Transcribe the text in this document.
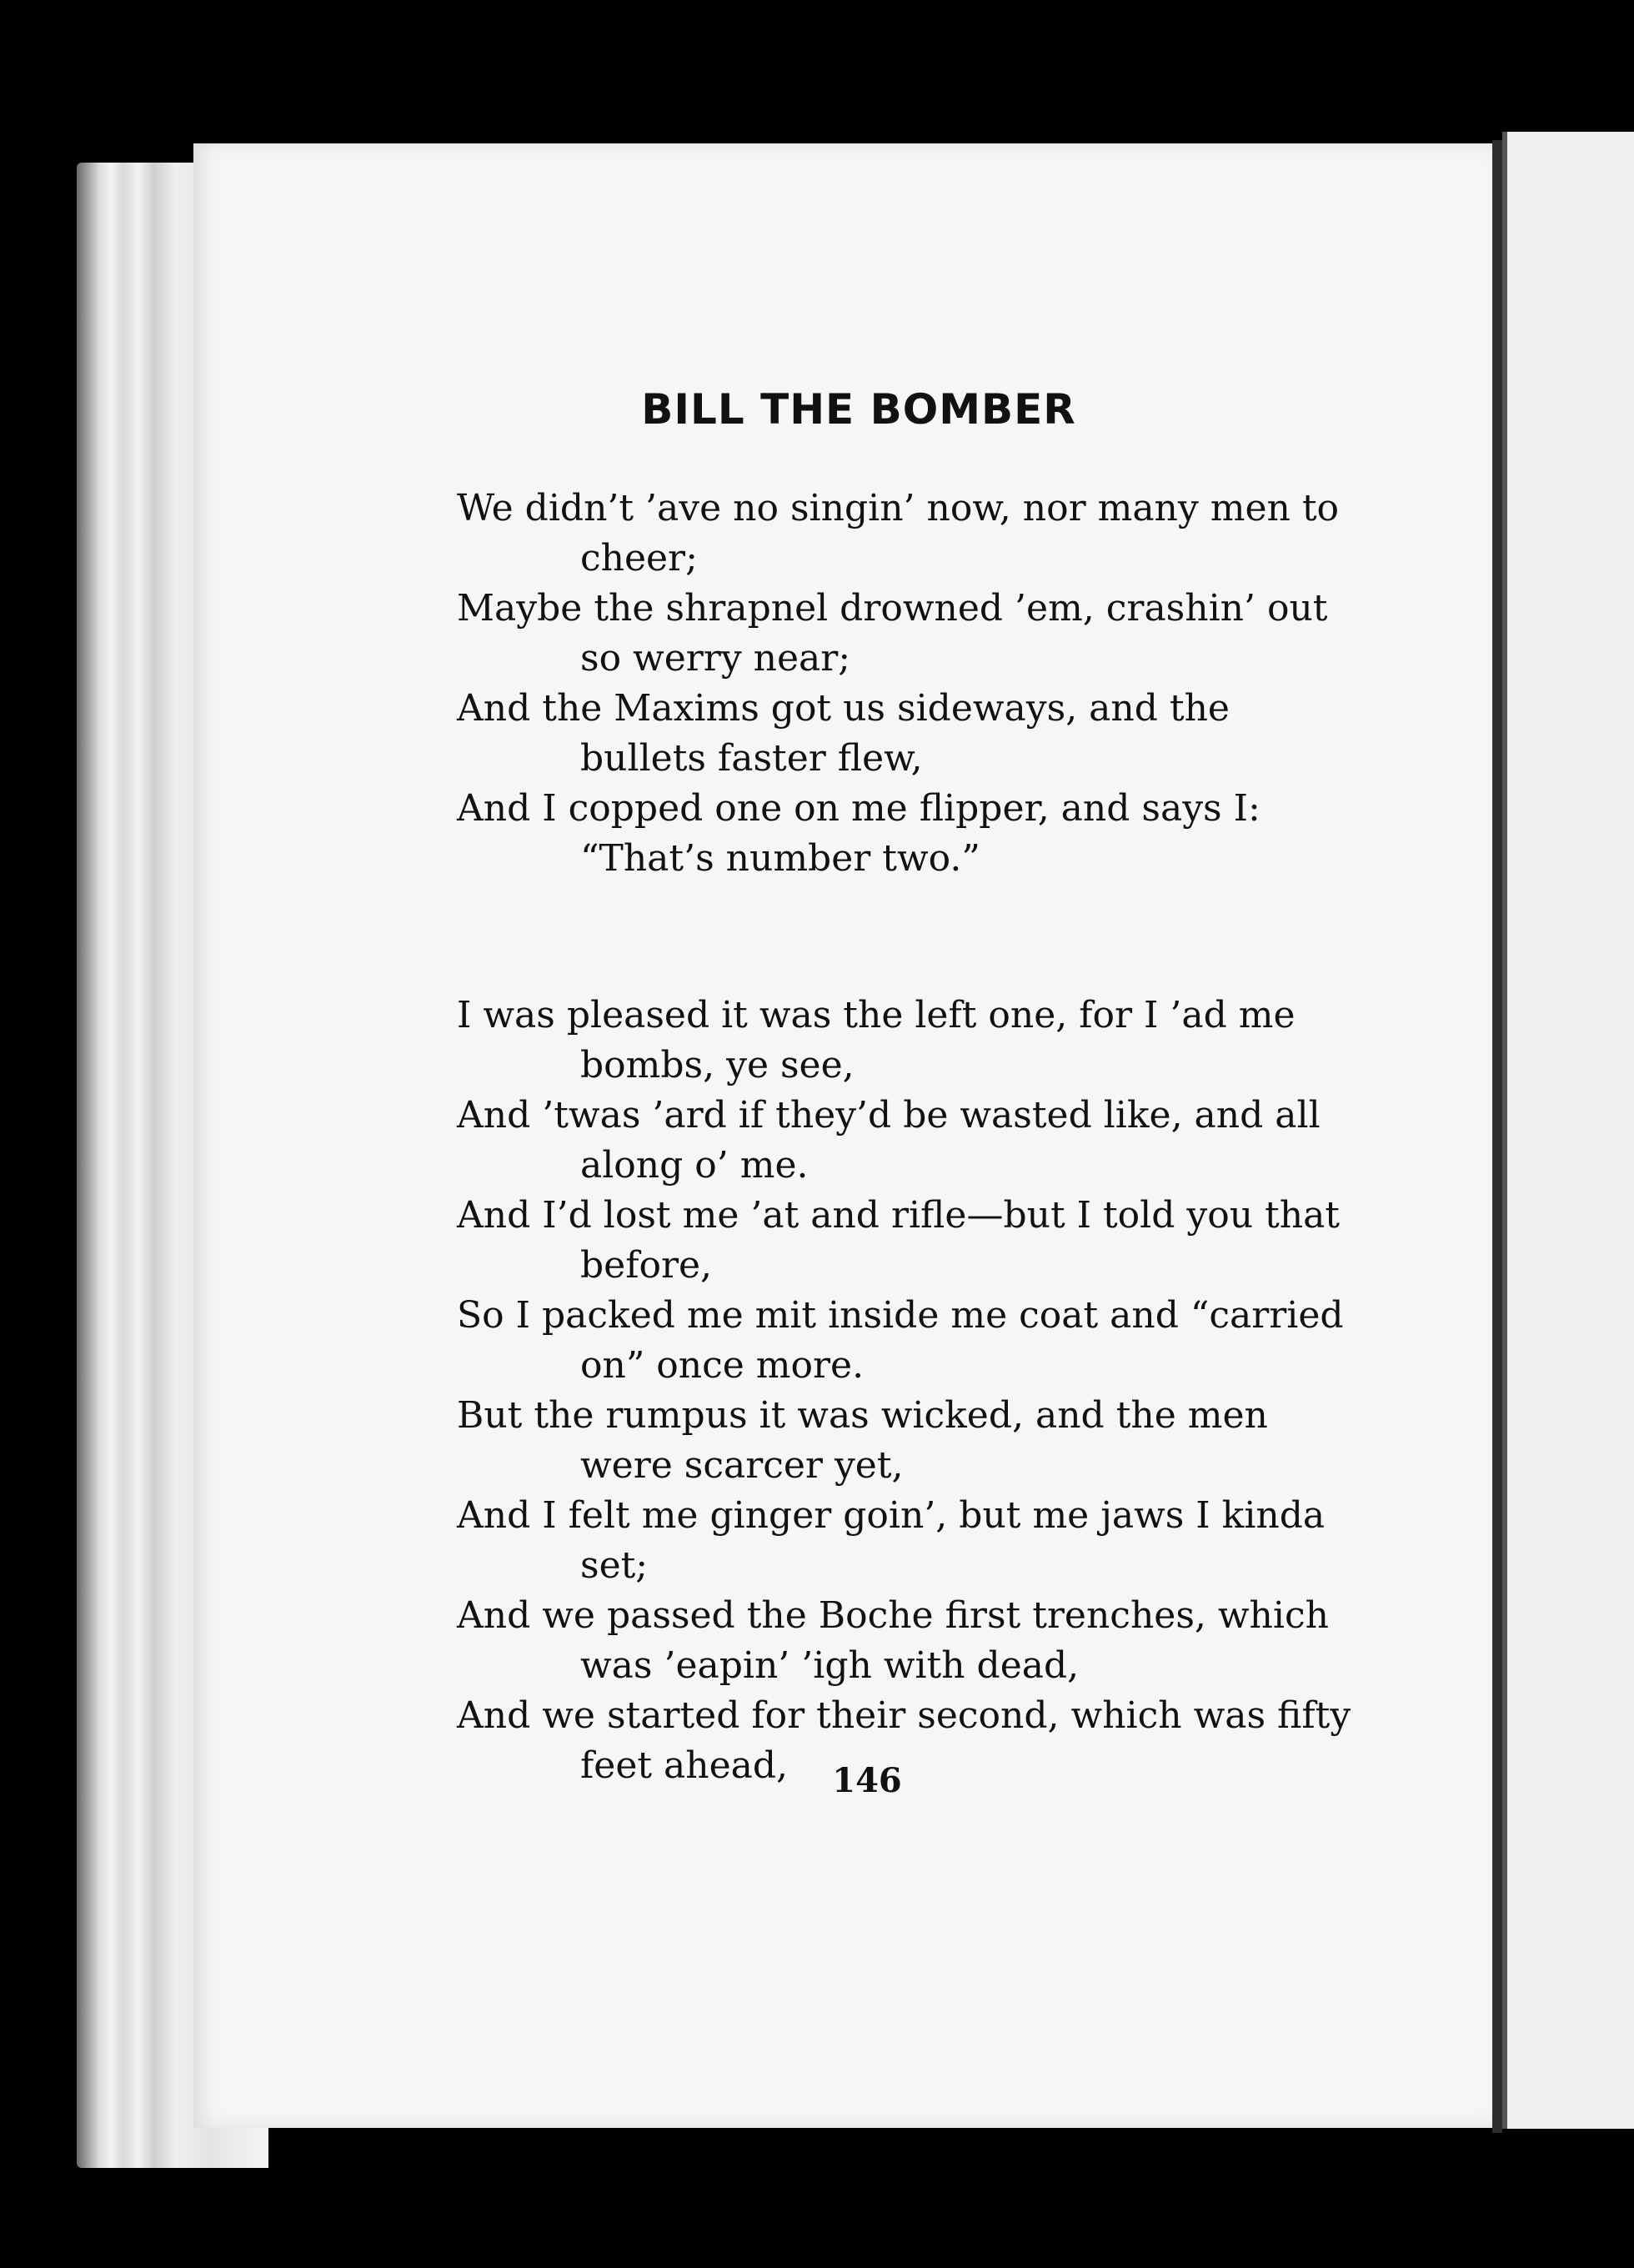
BILL THE BOMBER
We didn’t ’ave no singin’ now, nor many men to cheer;
Maybe the shrapnel drowned ’em, crashin’ out so werry near;
And the Maxims got us sideways, and the bullets faster flew,
And I copped one on me flipper, and says I: “That’s number two.”
I was pleased it was the left one, for I ’ad me bombs, ye see,
And ’twas ’ard if they’d be wasted like, and all along o’ me.
And I’d lost me ’at and rifle—but I told you that before,
So I packed me mit inside me coat and “carried on” once more.
But the rumpus it was wicked, and the men were scarcer yet,
And I felt me ginger goin’, but me jaws I kinda set;
And we passed the Boche first trenches, which was ’eapin’ ’igh with dead,
And we started for their second, which was fifty feet ahead,	146
